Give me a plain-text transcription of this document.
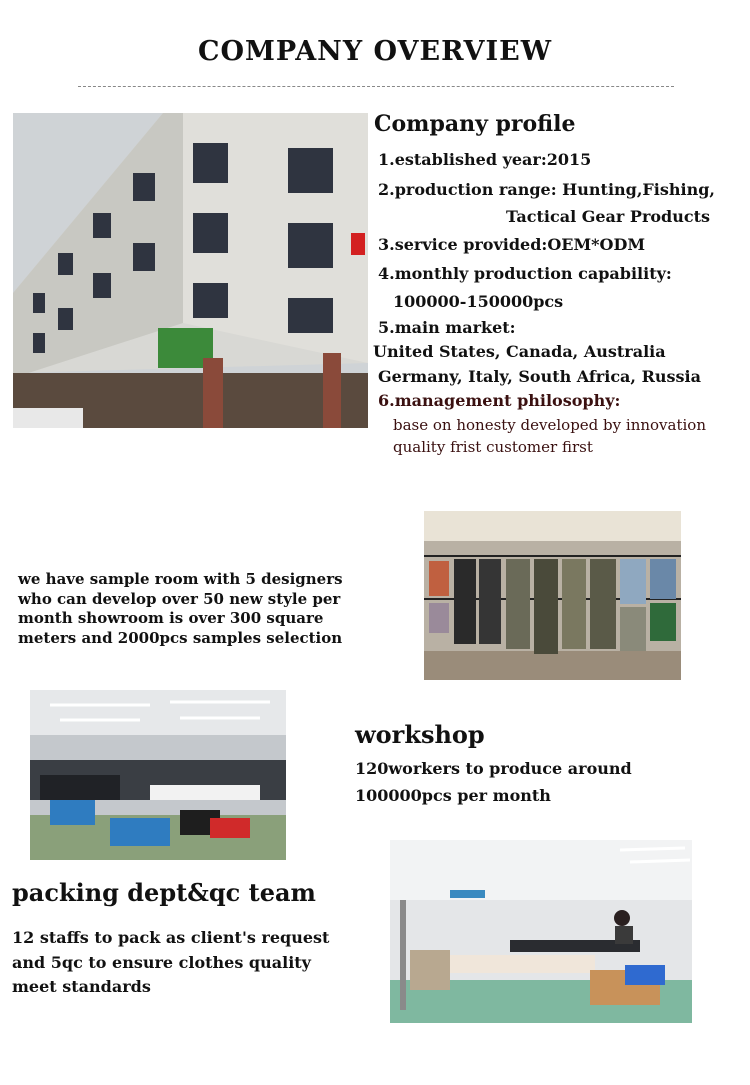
COMPANY OVERVIEW
Company profile
1.established year:2015
2.production range: Hunting,Fishing,
Tactical Gear Products
3.service provided:OEM*ODM
4.monthly production capability:
100000-150000pcs
5.main market:
United States, Canada, Australia
Germany, Italy, South Africa, Russia
6.management philosophy:
base on honesty developed by innovation
quality frist customer first
we have sample room with 5 designers
who can develop over 50 new style per
month showroom is over 300 square
meters and 2000pcs samples selection
workshop
120workers to produce around
100000pcs per month
packing dept&qc team
12 staffs to pack as client's request
and 5qc to ensure clothes quality
meet standards
